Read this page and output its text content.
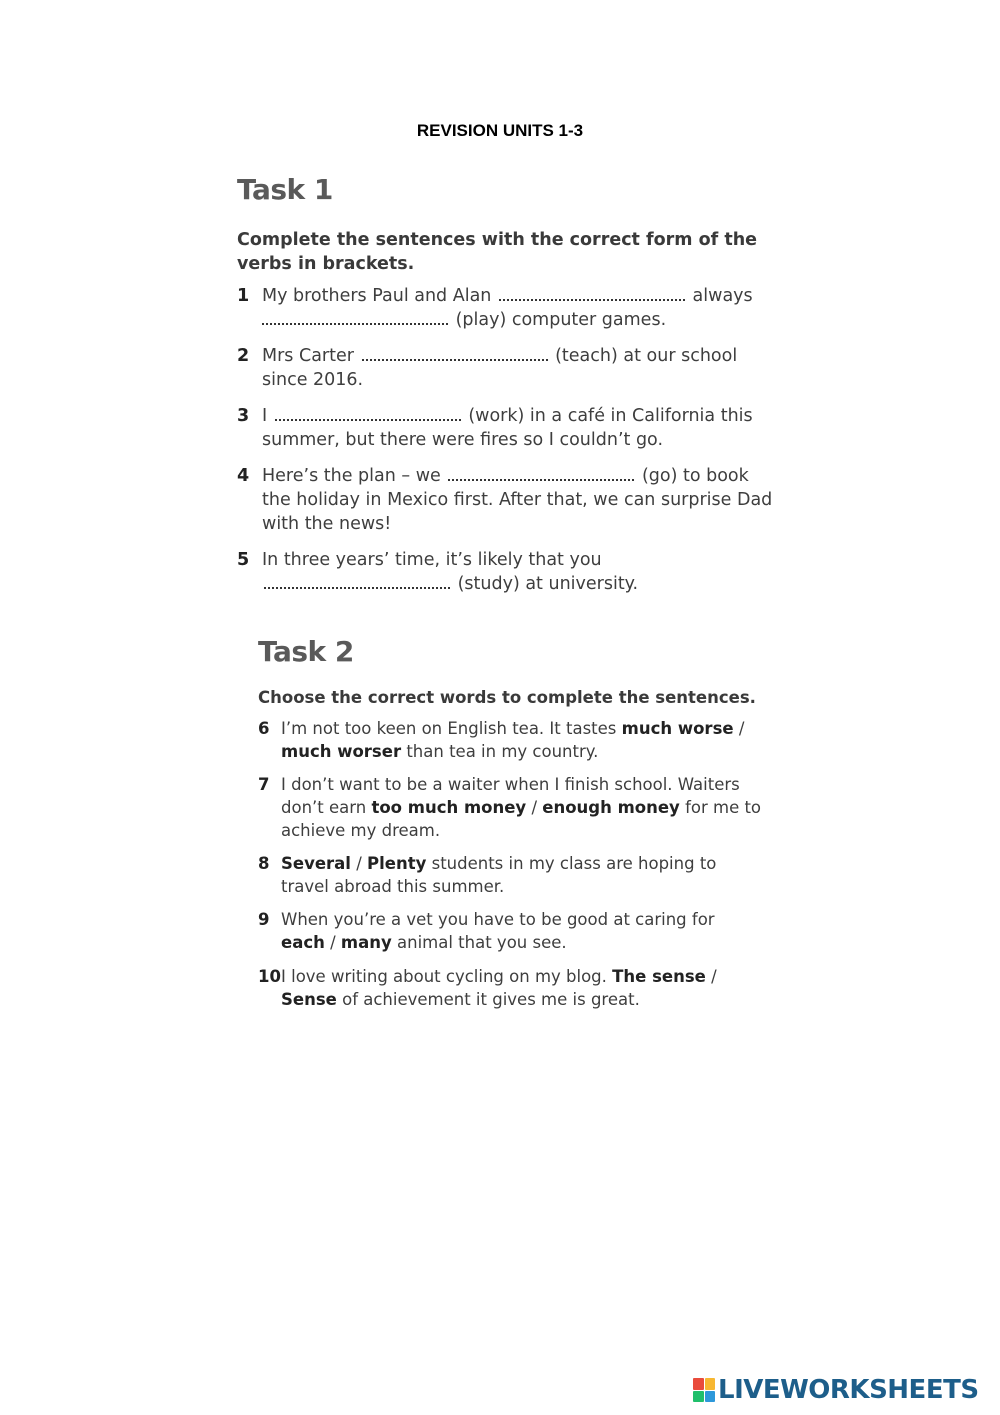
REVISION UNITS 1-3
Task 1
Complete the sentences with the correct form of the verbs in brackets.
1 My brothers Paul and Alan	always
(play) computer games.
2 Mrs Carter	(teach) at our school since 2016.
3 I	(work) in a café in California this summer, but there were fires so I couldn’t go.
4 Here’s the plan – we	(go) to book the holiday in Mexico first. After that, we can surprise Dad with the news!
5 In three years’ time, it’s likely that you  (study) at university.
Task 2
Choose the correct words to complete the sentences.
6 I’m not too keen on English tea. It tastes much worse / much worser than tea in my country.
7 I don’t want to be a waiter when I finish school. Waiters don’t earn too much money / enough money for me to achieve my dream.
8 Several / Plenty students in my class are hoping to travel abroad this summer.
9 When you’re a vet you have to be good at caring for each / many animal that you see.
10 I love writing about cycling on my blog. The sense / Sense of achievement it gives me is great.
LIVEWORKSHEETS
